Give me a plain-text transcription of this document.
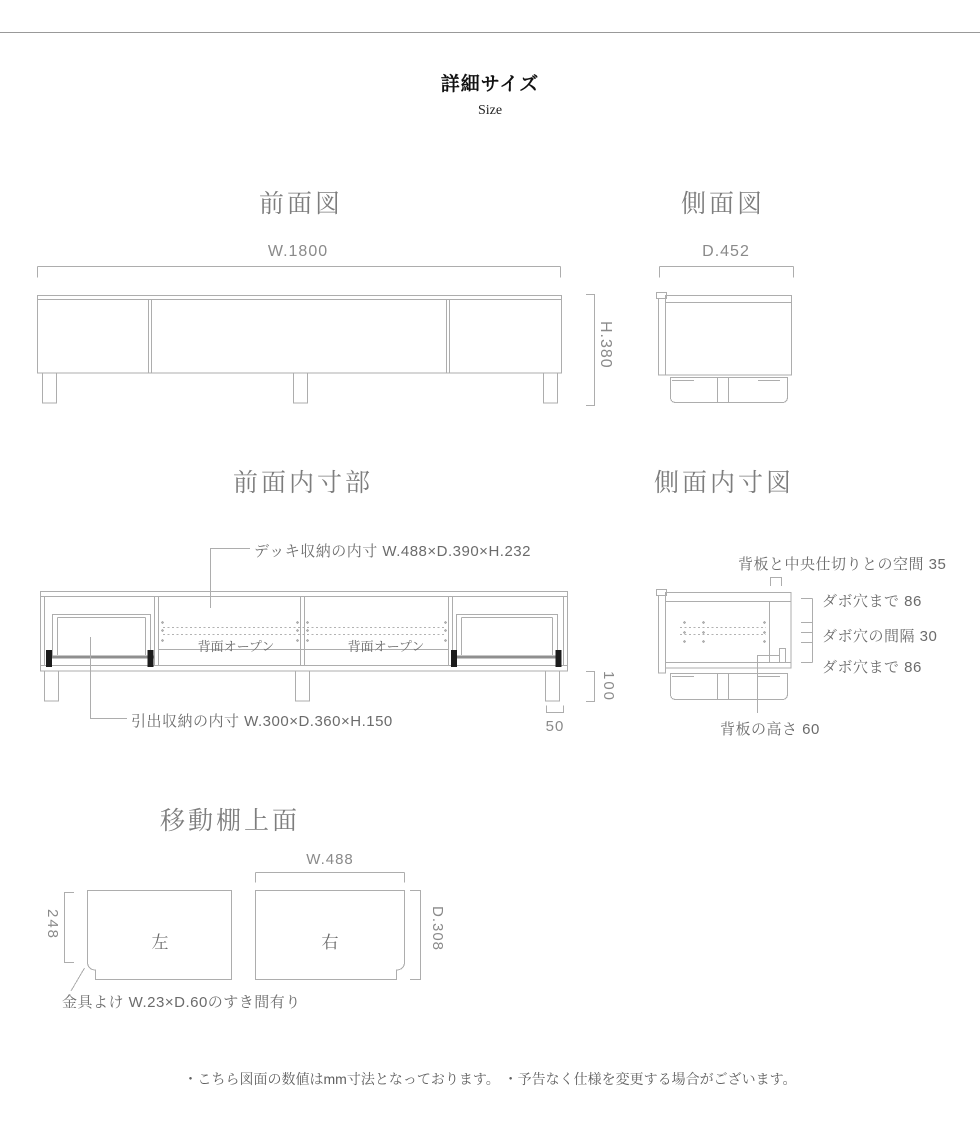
詳細サイズ
Size
前面図
W.1800
H.380
側面図
D.452
前面内寸部
デッキ収納の内寸 W.488×D.390×H.232
背面オープン	背面オープン
引出収納の内寸 W.300×D.360×H.150
100
50
側面内寸図
背板と中央仕切りとの空間 35
ダボ穴まで 86
ダボ穴の間隔 30
ダボ穴まで 86
背板の高さ 60
移動棚上面
W.488
248	D.308
左	右
金具よけ W.23×D.60のすき間有り
・こちら図面の数値はmm寸法となっております。 ・予告なく仕様を変更する場合がございます。
